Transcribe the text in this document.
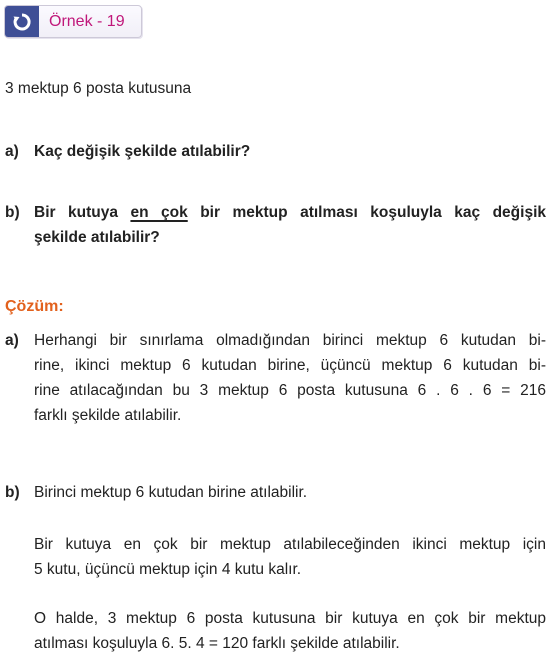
Örnek - 19
3 mektup 6 posta kutusuna
a) Kaç değişik şekilde atılabilir?
b) Bir kutuya en çok bir mektup atılması koşuluyla kaç değişik
şekilde atılabilir?
Çözüm:
a) Herhangi bir sınırlama olmadığından birinci mektup 6 kutudan bi-
rine, ikinci mektup 6 kutudan birine, üçüncü mektup 6 kutudan bi-
rine atılacağından bu 3 mektup 6 posta kutusuna 6 . 6 . 6 = 216
farklı şekilde atılabilir.
b) Birinci mektup 6 kutudan birine atılabilir.
Bir kutuya en çok bir mektup atılabileceğinden ikinci mektup için
5 kutu, üçüncü mektup için 4 kutu kalır.
O halde, 3 mektup 6 posta kutusuna bir kutuya en çok bir mektup
atılması koşuluyla 6. 5. 4 = 120 farklı şekilde atılabilir.
